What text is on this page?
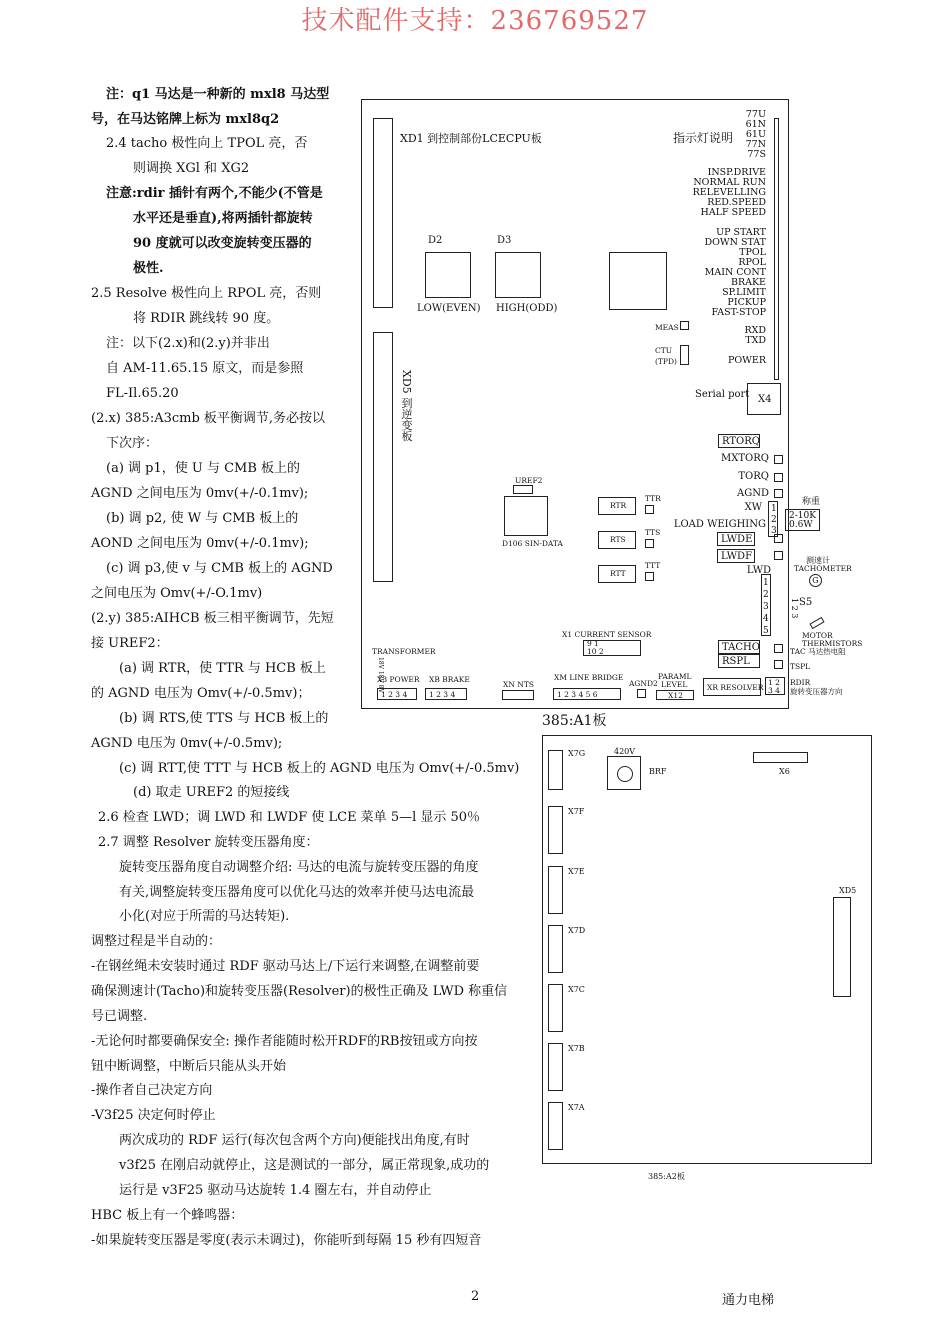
技术配件支持：236769527
注：q1 马达是一种新的 mxl8 马达型
号，在马达铭牌上标为 mxl8q2
2.4 tacho 极性向上 TPOL 亮，否
则调换 XGl 和 XG2
注意:rdir 插针有两个,不能少(不管是
水平还是垂直),将两插针都旋转
90 度就可以改变旋转变压器的
极性.
2.5 Resolve 极性向上 RPOL 亮，否则
将 RDIR 跳线转 90 度。
注：以下(2.x)和(2.y)并非出
自 AM-11.65.15 原文，而是参照
FL-Il.65.20
(2.x) 385:A3cmb 板平衡调节,务必按以
下次序：
(a) 调 p1，使 U 与 CMB 板上的
AGND 之间电压为 0mv(+/-0.1mv);
(b) 调 p2, 使 W 与 CMB 板上的
AOND 之间电压为 0mv(+/-0.1mv);
(c) 调 p3,使 v 与 CMB 板上的 AGND
之间电压为 Omv(+/-O.1mv)
(2.y) 385:AIHCB 板三相平衡调节，先短
接 UREF2：
(a) 调 RTR，使 TTR 与 HCB 板上
的 AGND 电压为 Omv(+/-0.5mv)；
(b) 调 RTS,使 TTS 与 HCB 板上的
AGND 电压为 0mv(+/-0.5mv);
(c) 调 RTT,使 TTT 与 HCB 板上的 AGND 电压为 Omv(+/-0.5mv)
(d) 取走 UREF2 的短接线
2.6 检查 LWD；调 LWD 和 LWDF 使 LCE 菜单 5—l 显示 50％
2.7 调整 Resolver 旋转变压器角度：
旋转变压器角度自动调整介绍: 马达的电流与旋转变压器的角度
有关,调整旋转变压器角度可以优化马达的效率并使马达电流最
小化(对应于所需的马达转矩).
调整过程是半自动的：
-在钢丝绳未安装时通过 RDF 驱动马达上/下运行来调整,在调整前要
确保测速计(Tacho)和旋转变压器(Resolver)的极性正确及 LWD 称重信
号已调整.
-无论何时都要确保安全: 操作者能随时松开RDF的RB按钮或方向按
钮中断调整，中断后只能从头开始
-操作者自己决定方向
-V3f25 决定何时停止
两次成功的 RDF 运行(每次包含两个方向)便能找出角度,有时
v3f25 在刚启动就停止，这是测试的一部分，属正常现象,成功的
运行是 v3F25 驱动马达旋转 1.4 圈左右，并自动停止
HBC 板上有一个蜂鸣器：
-如果旋转变压器是零度(表示未调过)，你能听到每隔 15 秒有四短音
XD1 到控制部份LCECPU板	指示灯说明
XD5 到逆变板
D2	D3
LOW(EVEN) HIGH(ODD)
77U
61N
61U
77N
77S
INSP.DRIVE
NORMAL RUN
RELEVELLING
RED.SPEED
HALF SPEED
UP START
DOWN STAT
TPOL
RPOL
MAIN CONT
BRAKE
SP.LIMIT
PICKUP
FAST-STOP
RXD
TXD
POWER
MEAS
CTU
(TPD)
Serial port X4
RTORQ
MXTORQ
TORQ
AGND
XW 1
2
3
LOAD WEIGHING
LWDE
LWDF
LWD
1
2
3
4
5
TACHO
RSPL
称重
2-10K
0.6W
测速计
TACHOMETER
G
1 2 3 S5
MOTOR
THERMISTORS
TAC 马达热电阻
TSPL
1 2
3 4
RDIR
旋转变压器方向
UREF2
D106 SIN-DATA
RTR
RTS
RTT
TTR
TTS
TTT
X1 CURRENT SENSOR
9 1
10 2
TRANSFORMER
18V 18V 8V
X3 POWER
1 2 3 4
XB BRAKE
1 2 3 4
XN NTS
XM LINE BRIDGE
1 2 3 4 5 6
AGND2
PARAML
LEVEL
X12
XR RESOLVER
385:A1板
X7G
X7F
X7E
X7D
X7C
X7B
X7A
420V
BRF	X6
XD5
385:A2板
2	通力电梯
